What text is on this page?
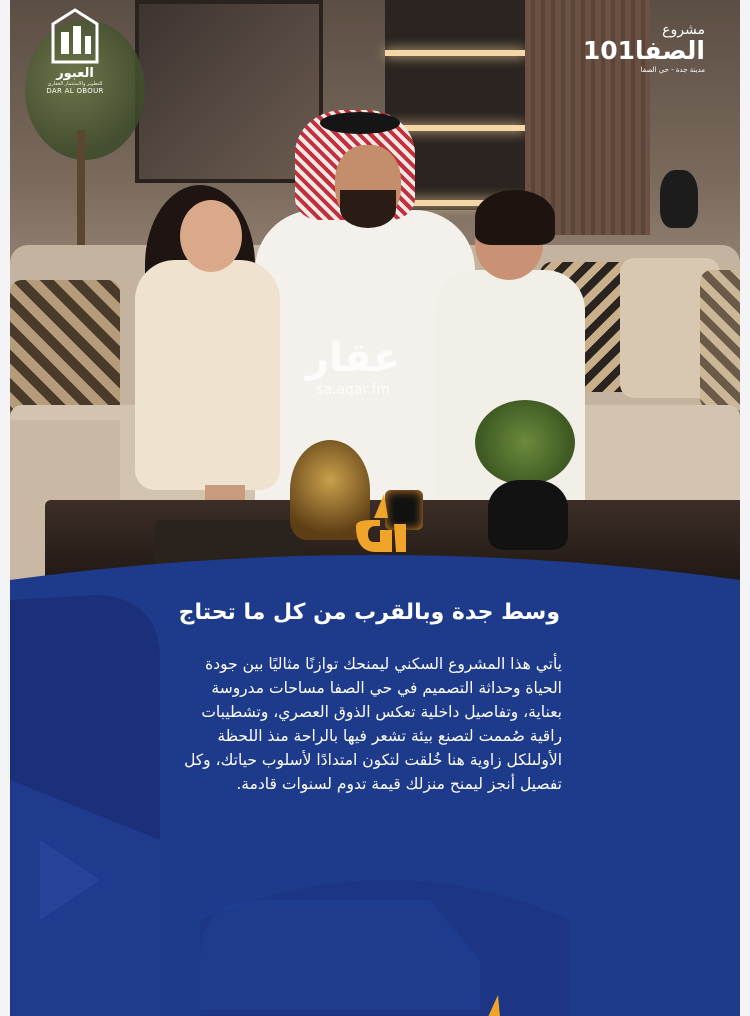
العبور
للتطوير والاستثمار العقاري
DAR AL OBOUR
مشروع
الصفا101
مدينة جدة - حي الصفا
عقار
sa.aqar.fm
وسط جدة وبالقرب من كل ما تحتاج
يأتي هذا المشروع السكني ليمنحك توازنًا مثاليًا بين جودة الحياة وحداثة التصميم في حي الصفا مساحات مدروسة بعناية، وتفاصيل داخلية تعكس الذوق العصري، وتشطيبات راقية صُممت لتصنع بيئة تشعر فيها بالراحة منذ اللحظة الأولىلكل زاوية هنا خُلقت لتكون امتدادًا لأسلوب حياتك، وكل تفصيل أنجز ليمنح منزلك قيمة تدوم لسنوات قادمة.
